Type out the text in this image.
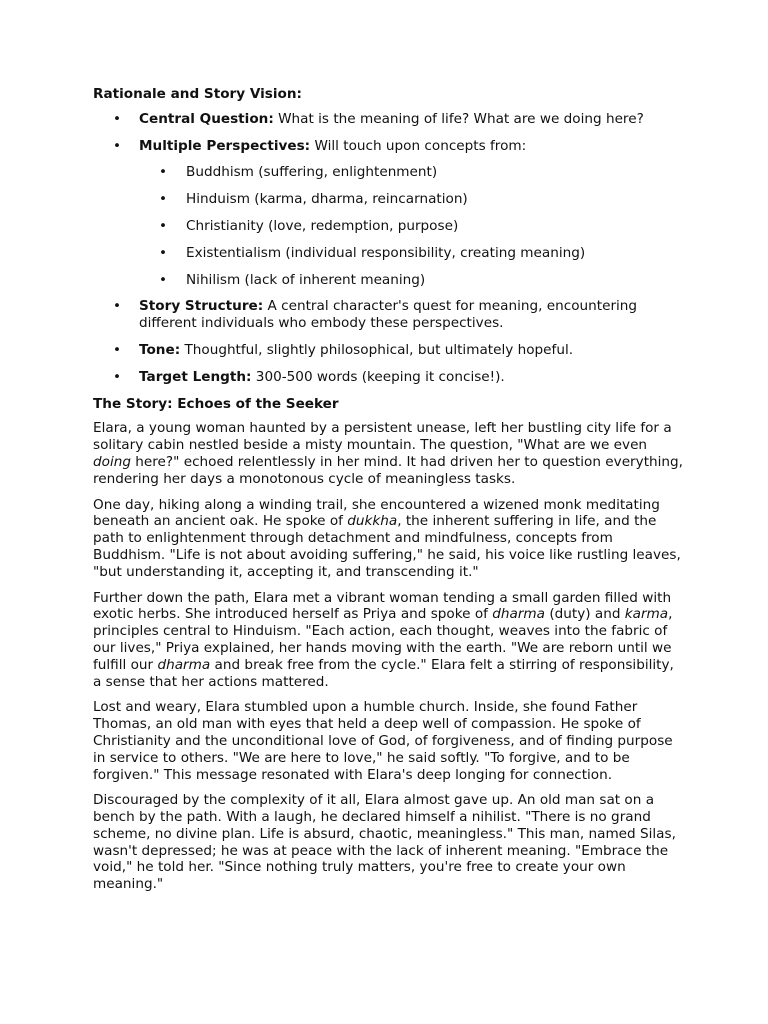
Rationale and Story Vision:
• Central Question: What is the meaning of life? What are we doing here?
• Multiple Perspectives: Will touch upon concepts from:
• Buddhism (suffering, enlightenment)
• Hinduism (karma, dharma, reincarnation)
• Christianity (love, redemption, purpose)
• Existentialism (individual responsibility, creating meaning)
• Nihilism (lack of inherent meaning)
• Story Structure: A central character's quest for meaning, encountering different individuals who embody these perspectives.
• Tone: Thoughtful, slightly philosophical, but ultimately hopeful.
• Target Length: 300-500 words (keeping it concise!).
The Story: Echoes of the Seeker

Elara, a young woman haunted by a persistent unease, left her bustling city life for a solitary cabin nestled beside a misty mountain. The question, "What are we even doing here?" echoed relentlessly in her mind. It had driven her to question everything, rendering her days a monotonous cycle of meaningless tasks.

One day, hiking along a winding trail, she encountered a wizened monk meditating beneath an ancient oak. He spoke of dukkha, the inherent suffering in life, and the path to enlightenment through detachment and mindfulness, concepts from Buddhism. "Life is not about avoiding suffering," he said, his voice like rustling leaves, "but understanding it, accepting it, and transcending it."

Further down the path, Elara met a vibrant woman tending a small garden filled with exotic herbs. She introduced herself as Priya and spoke of dharma (duty) and karma, principles central to Hinduism. "Each action, each thought, weaves into the fabric of our lives," Priya explained, her hands moving with the earth. "We are reborn until we fulfill our dharma and break free from the cycle." Elara felt a stirring of responsibility, a sense that her actions mattered.

Lost and weary, Elara stumbled upon a humble church. Inside, she found Father Thomas, an old man with eyes that held a deep well of compassion. He spoke of Christianity and the unconditional love of God, of forgiveness, and of finding purpose in service to others. "We are here to love," he said softly. "To forgive, and to be forgiven." This message resonated with Elara's deep longing for connection.

Discouraged by the complexity of it all, Elara almost gave up. An old man sat on a bench by the path. With a laugh, he declared himself a nihilist. "There is no grand scheme, no divine plan. Life is absurd, chaotic, meaningless." This man, named Silas, wasn't depressed; he was at peace with the lack of inherent meaning. "Embrace the void," he told her. "Since nothing truly matters, you're free to create your own meaning."
